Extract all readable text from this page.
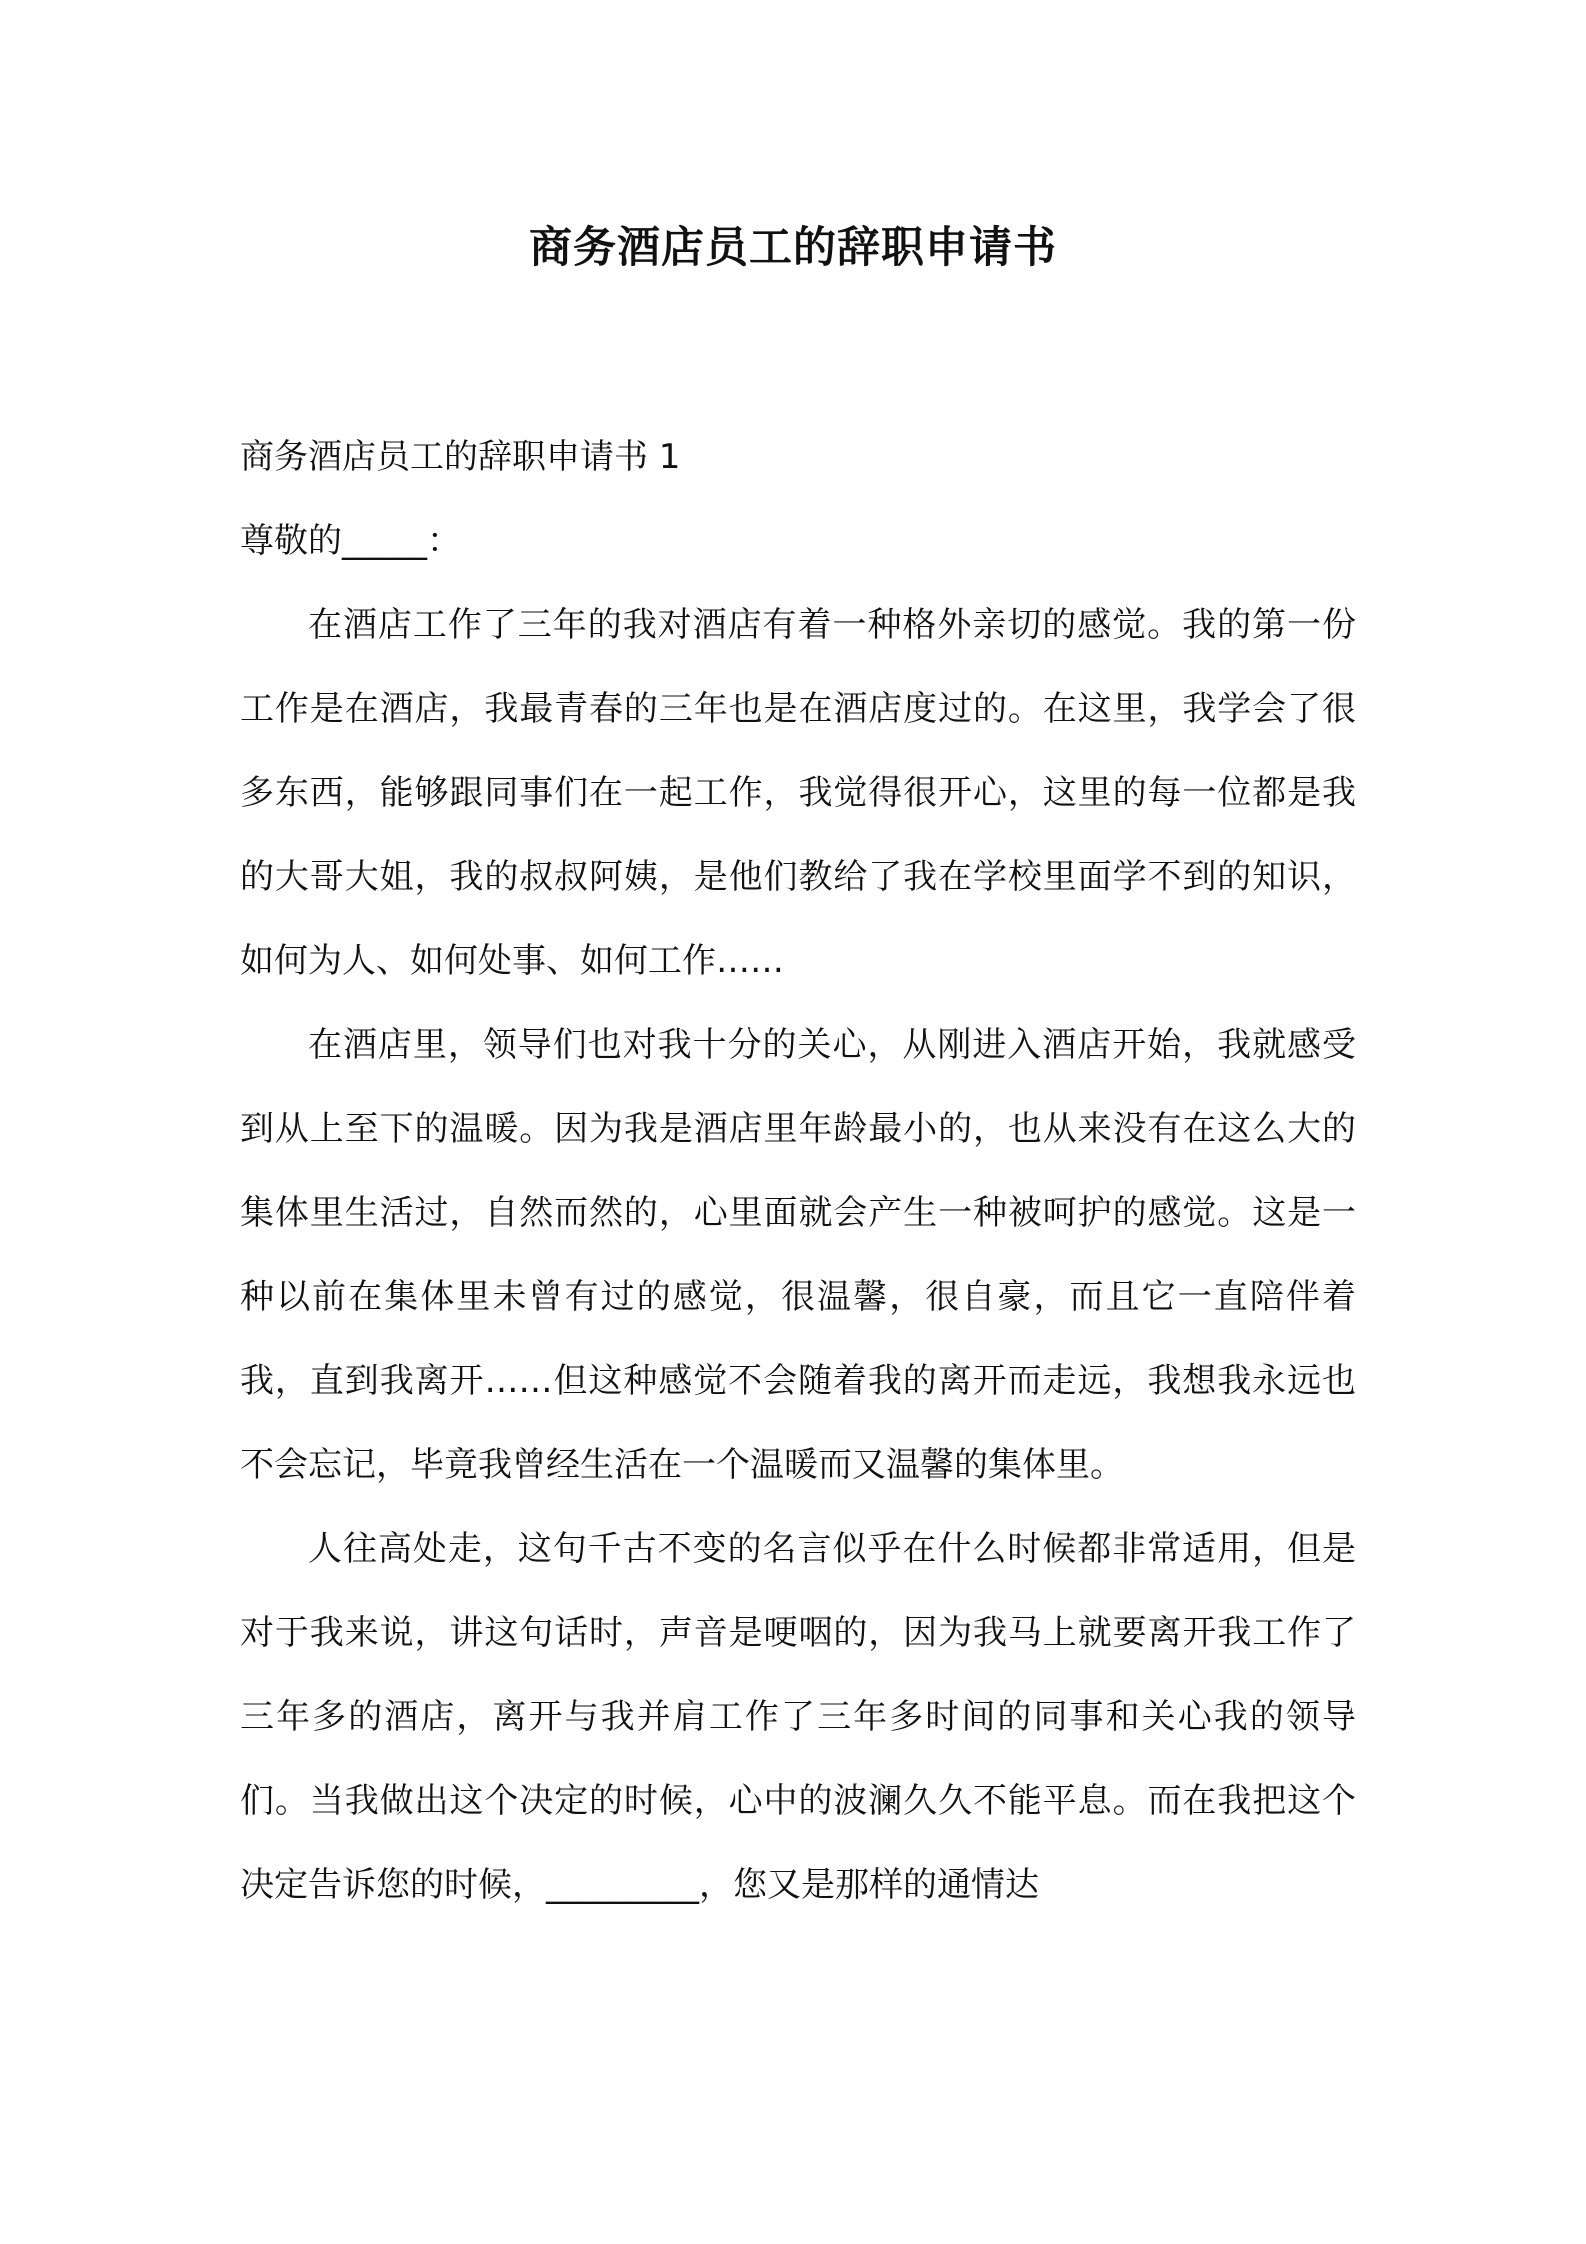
商务酒店员工的辞职申请书

商务酒店员工的辞职申请书 1

尊敬的_____：

在酒店工作了三年的我对酒店有着一种格外亲切的感觉。我的第一份工作是在酒店，我最青春的三年也是在酒店度过的。在这里，我学会了很多东西，能够跟同事们在一起工作，我觉得很开心，这里的每一位都是我的大哥大姐，我的叔叔阿姨，是他们教给了我在学校里面学不到的知识，如何为人、如何处事、如何工作……

在酒店里，领导们也对我十分的关心，从刚进入酒店开始，我就感受到从上至下的温暖。因为我是酒店里年龄最小的，也从来没有在这么大的集体里生活过，自然而然的，心里面就会产生一种被呵护的感觉。这是一种以前在集体里未曾有过的感觉，很温馨，很自豪，而且它一直陪伴着我，直到我离开……但这种感觉不会随着我的离开而走远，我想我永远也不会忘记，毕竟我曾经生活在一个温暖而又温馨的集体里。

人往高处走，这句千古不变的名言似乎在什么时候都非常适用，但是对于我来说，讲这句话时，声音是哽咽的，因为我马上就要离开我工作了三年多的酒店，离开与我并肩工作了三年多时间的同事和关心我的领导们。当我做出这个决定的时候，心中的波澜久久不能平息。而在我把这个决定告诉您的时候，_________，您又是那样的通情达
